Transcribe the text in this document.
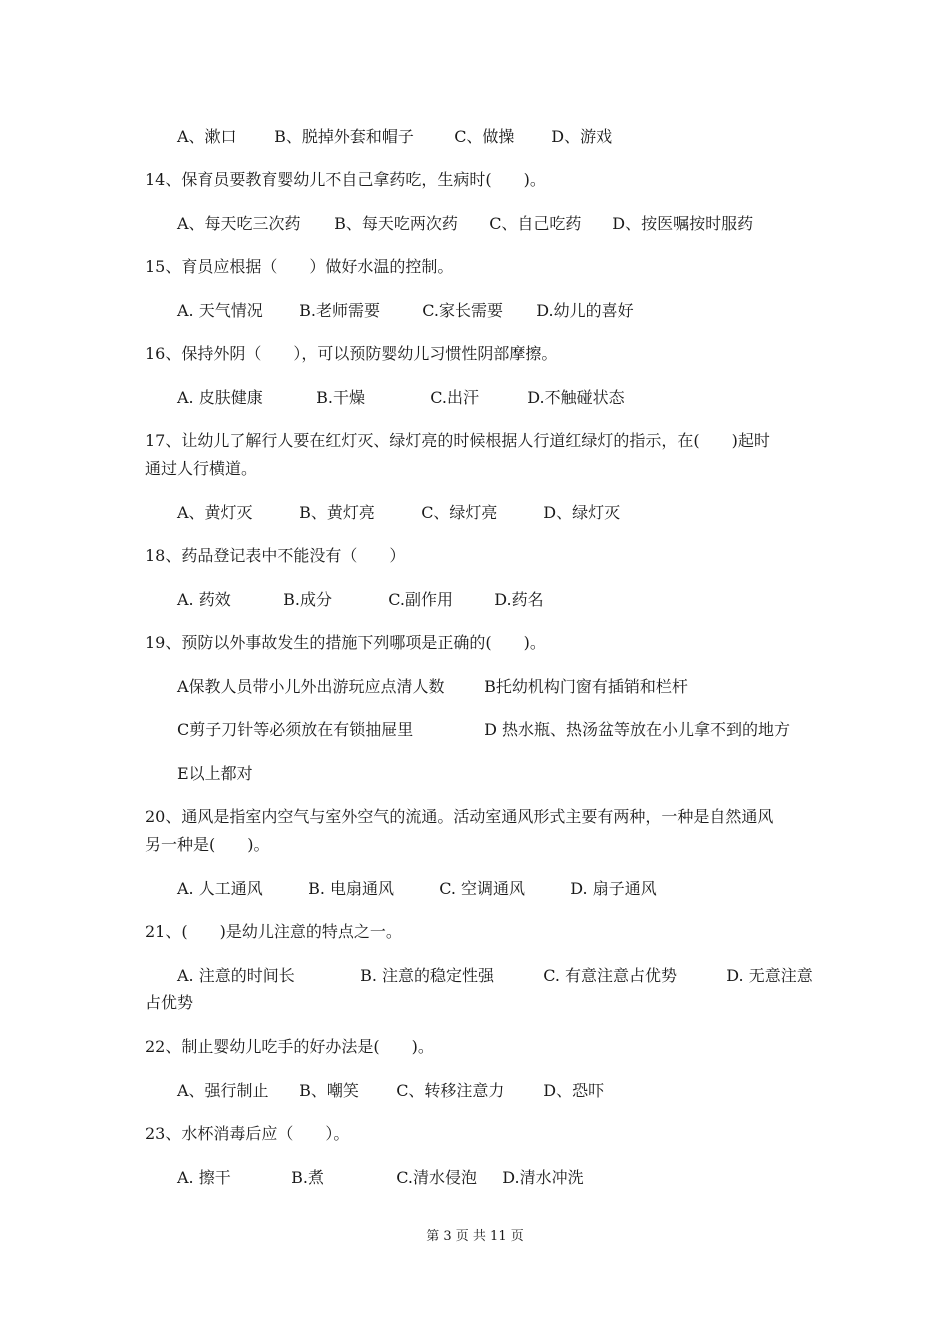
A、漱口 B、脱掉外套和帽子	C、做操 D、游戏
14、保育员要教育婴幼儿不自己拿药吃，生病时(　　)。
A、每天吃三次药 B、每天吃两次药 C、自己吃药 D、按医嘱按时服药
15、育员应根据（　　）做好水温的控制。
A. 天气情况 B.老师需要	C.家长需要 D.幼儿的喜好
16、保持外阴（　　），可以预防婴幼儿习惯性阴部摩擦。
A. 皮肤健康	B.干燥	C.出汗	D.不触碰状态
17、让幼儿了解行人要在红灯灭、绿灯亮的时候根据人行道红绿灯的指示，在(　　)起时
通过人行横道。
A、黄灯灭	B、黄灯亮	C、绿灯亮	D、绿灯灭
18、药品登记表中不能没有（　　）
A. 药效	B.成分	C.副作用	D.药名
19、预防以外事故发生的措施下列哪项是正确的(　　)。
A保教人员带小儿外出游玩应点清人数 B托幼机构门窗有插销和栏杆
C剪子刀针等必须放在有锁抽屉里	D 热水瓶、热汤盆等放在小儿拿不到的地方
E以上都对
20、通风是指室内空气与室外空气的流通。活动室通风形式主要有两种，一种是自然通风
另一种是(　　)。
A. 人工通风	B. 电扇通风	C. 空调通风	D. 扇子通风
21、(　　)是幼儿注意的特点之一。
A. 注意的时间长	B. 注意的稳定性强	C. 有意注意占优势	D. 无意注意
占优势
22、制止婴幼儿吃手的好办法是(　　)。
A、强行制止 B、嘲笑 C、转移注意力 D、恐吓
23、水杯消毒后应（　　）。
A. 擦干	B.煮	C.清水侵泡 D.清水冲洗
第 3 页 共 11 页
